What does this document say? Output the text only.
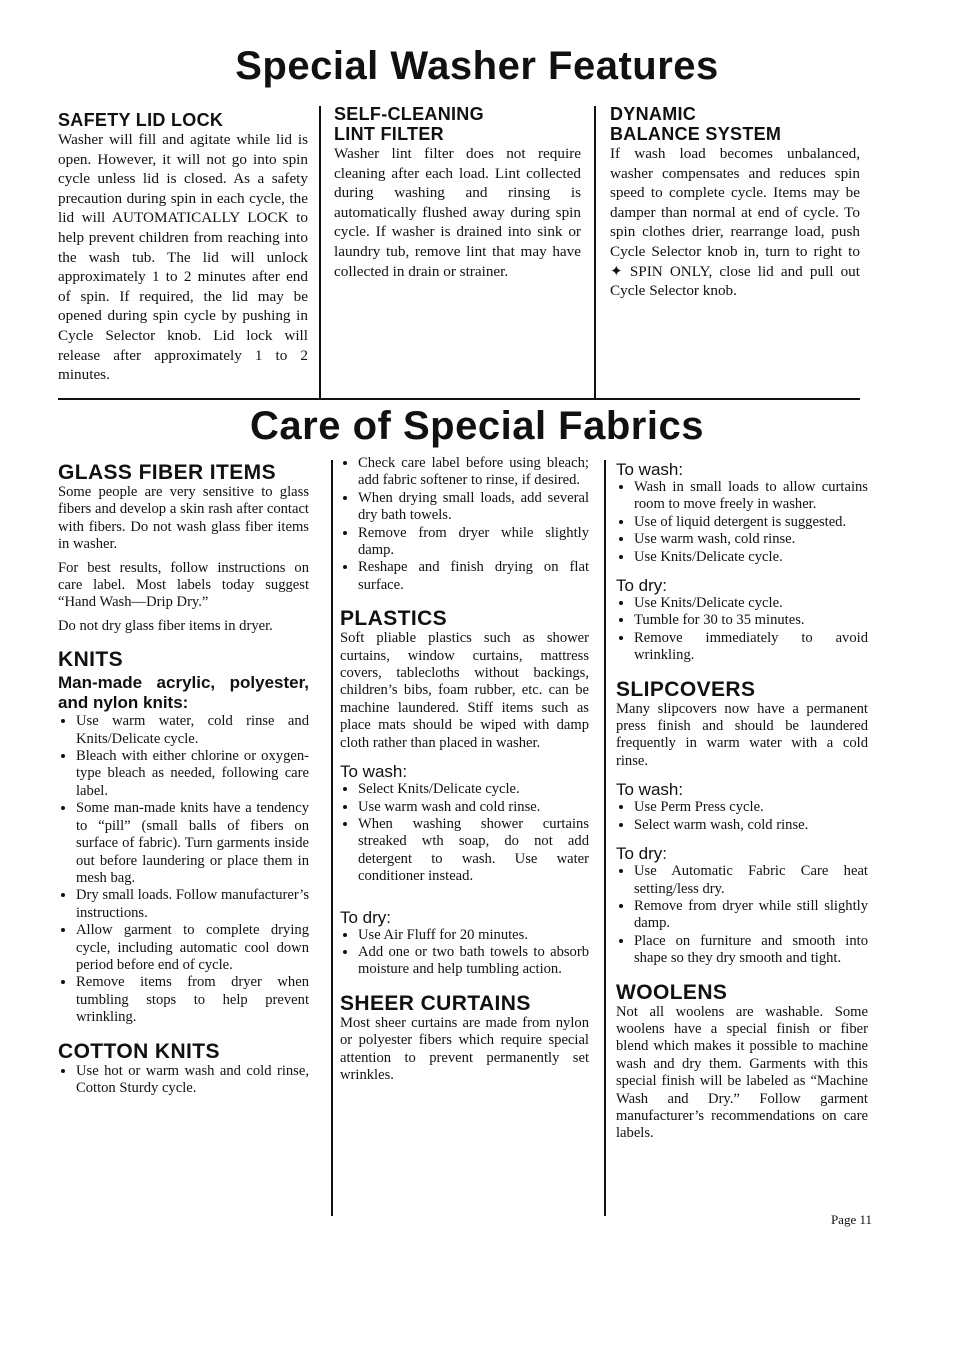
Special Washer Features
SAFETY LID LOCK

Washer will fill and agitate while lid is open. However, it will not go into spin cycle unless lid is closed. As a safety precaution during spin in each cycle, the lid will AUTOMATICALLY LOCK to help prevent children from reaching into the wash tub. The lid will unlock approximately 1 to 2 minutes after end of spin. If required, the lid may be opened during spin cycle by pushing in Cycle Selector knob. Lid lock will release after approximately 1 to 2 minutes.

SELF-CLEANING
LINT FILTER

Washer lint filter does not require cleaning after each load. Lint collected during washing and rinsing is automatically flushed away during spin cycle. If washer is drained into sink or laundry tub, remove lint that may have collected in drain or strainer.

DYNAMIC
BALANCE SYSTEM

If wash load becomes unbalanced, washer compensates and reduces spin speed to complete cycle. Items may be damper than normal at end of cycle. To spin clothes drier, rearrange load, push Cycle Selector knob in, turn to right to ✦ SPIN ONLY, close lid and pull out Cycle Selector knob.

Care of Special Fabrics
GLASS FIBER ITEMS

Some people are very sensitive to glass fibers and develop a skin rash after contact with fibers. Do not wash glass fiber items in washer.

For best results, follow instructions on care label. Most labels today suggest “Hand Wash—Drip Dry.”

Do not dry glass fiber items in dryer.

KNITS
Man-made acrylic, polyester, and nylon knits:
• Use warm water, cold rinse and Knits/Delicate cycle.
• Bleach with either chlorine or oxygen-type bleach as needed, following care label.
• Some man-made knits have a tendency to “pill” (small balls of fibers on surface of fabric). Turn garments inside out before laundering or place them in mesh bag.
• Dry small loads. Follow manufacturer’s instructions.
• Allow garment to complete drying cycle, including automatic cool down period before end of cycle.
• Remove items from dryer when tumbling stops to help prevent wrinkling.
COTTON KNITS
• Use hot or warm wash and cold rinse, Cotton Sturdy cycle.
• Check care label before using bleach; add fabric softener to rinse, if desired.
• When drying small loads, add several dry bath towels.
• Remove from dryer while slightly damp.
• Reshape and finish drying on flat surface.
PLASTICS

Soft pliable plastics such as shower curtains, window curtains, mattress covers, tablecloths without backings, children’s bibs, foam rubber, etc. can be machine laundered. Stiff items such as place mats should be wiped with damp cloth rather than placed in washer.

To wash:
• Select Knits/Delicate cycle.
• Use warm wash and cold rinse.
• When washing shower curtains streaked wth soap, do not add detergent to wash. Use water conditioner instead.
To dry:
• Use Air Fluff for 20 minutes.
• Add one or two bath towels to absorb moisture and help tumbling action.
SHEER CURTAINS

Most sheer curtains are made from nylon or polyester fibers which require special attention to prevent permanently set wrinkles.

To wash:
• Wash in small loads to allow curtains room to move freely in washer.
• Use of liquid detergent is suggested.
• Use warm wash, cold rinse.
• Use Knits/Delicate cycle.
To dry:
• Use Knits/Delicate cycle.
• Tumble for 30 to 35 minutes.
• Remove immediately to avoid wrinkling.
SLIPCOVERS

Many slipcovers now have a permanent press finish and should be laundered frequently in warm water with a cold rinse.

To wash:
• Use Perm Press cycle.
• Select warm wash, cold rinse.
To dry:
• Use Automatic Fabric Care heat setting/less dry.
• Remove from dryer while still slightly damp.
• Place on furniture and smooth into shape so they dry smooth and tight.
WOOLENS

Not all woolens are washable. Some woolens have a special finish or fiber blend which makes it possible to machine wash and dry them. Garments with this special finish will be labeled as “Machine Wash and Dry.” Follow garment manufacturer’s recommendations on care labels.

Page 11
